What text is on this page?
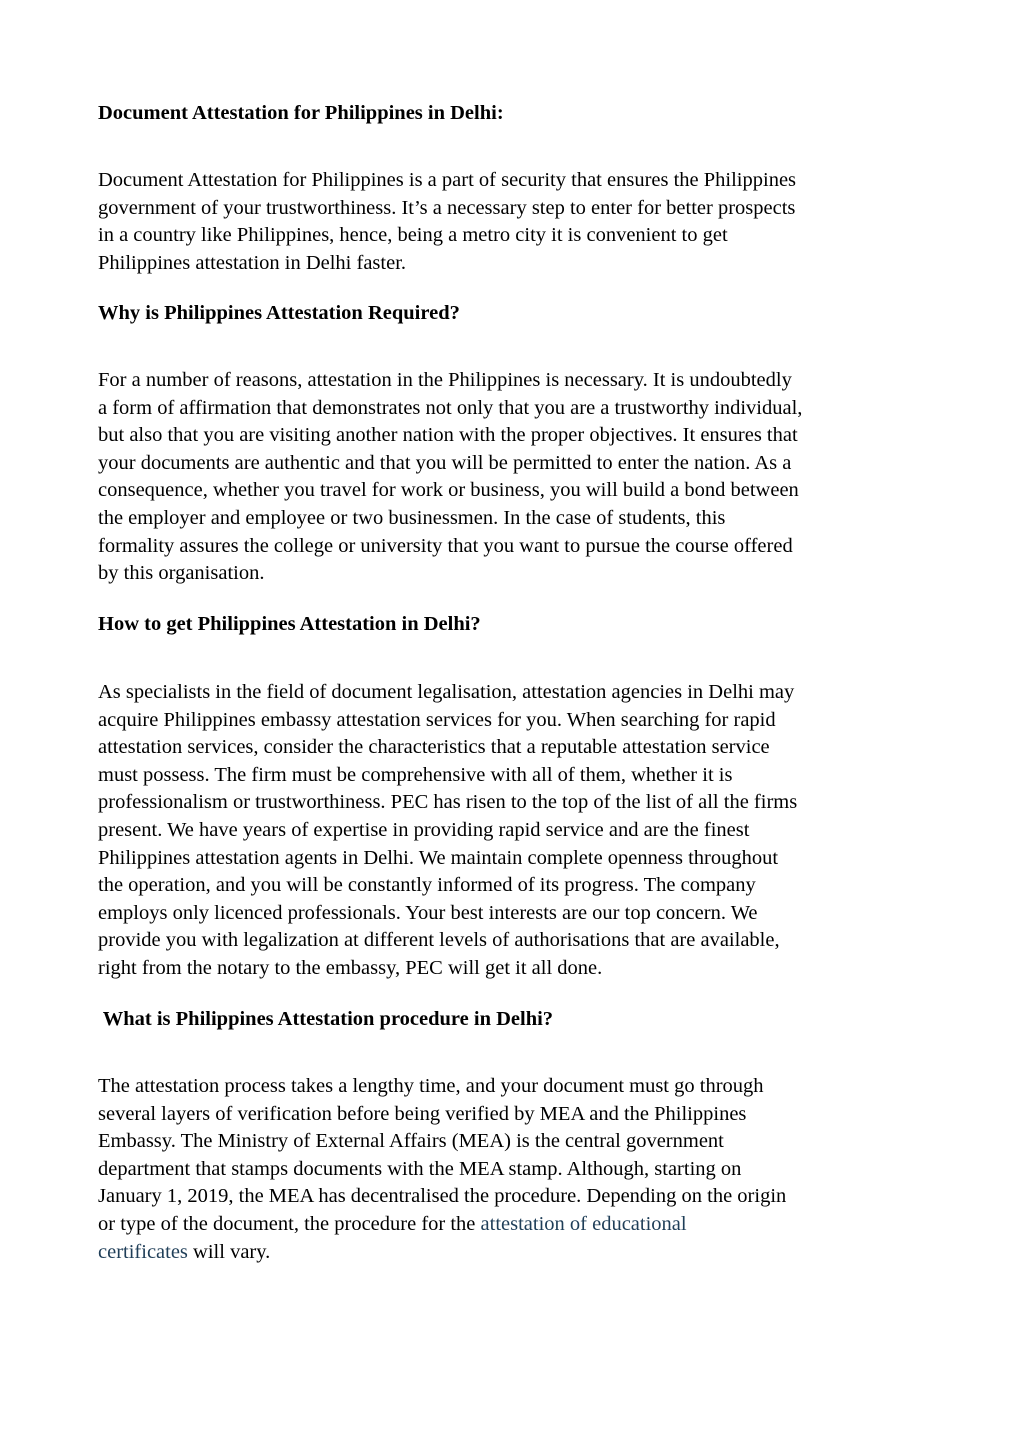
Document Attestation for Philippines in Delhi:

Document Attestation for Philippines is a part of security that ensures the Philippines
government of your trustworthiness. It’s a necessary step to enter for better prospects
in a country like Philippines, hence, being a metro city it is convenient to get
Philippines attestation in Delhi faster.

Why is Philippines Attestation Required?

For a number of reasons, attestation in the Philippines is necessary. It is undoubtedly
a form of affirmation that demonstrates not only that you are a trustworthy individual,
but also that you are visiting another nation with the proper objectives. It ensures that
your documents are authentic and that you will be permitted to enter the nation. As a
consequence, whether you travel for work or business, you will build a bond between
the employer and employee or two businessmen. In the case of students, this
formality assures the college or university that you want to pursue the course offered
by this organisation.

How to get Philippines Attestation in Delhi?

As specialists in the field of document legalisation, attestation agencies in Delhi may
acquire Philippines embassy attestation services for you. When searching for rapid
attestation services, consider the characteristics that a reputable attestation service
must possess. The firm must be comprehensive with all of them, whether it is
professionalism or trustworthiness. PEC has risen to the top of the list of all the firms
present. We have years of expertise in providing rapid service and are the finest
Philippines attestation agents in Delhi. We maintain complete openness throughout
the operation, and you will be constantly informed of its progress. The company
employs only licenced professionals. Your best interests are our top concern. We
provide you with legalization at different levels of authorisations that are available,
right from the notary to the embassy, PEC will get it all done.

What is Philippines Attestation procedure in Delhi?

The attestation process takes a lengthy time, and your document must go through
several layers of verification before being verified by MEA and the Philippines
Embassy. The Ministry of External Affairs (MEA) is the central government
department that stamps documents with the MEA stamp. Although, starting on
January 1, 2019, the MEA has decentralised the procedure. Depending on the origin
or type of the document, the procedure for the attestation of educational
certificates will vary.
